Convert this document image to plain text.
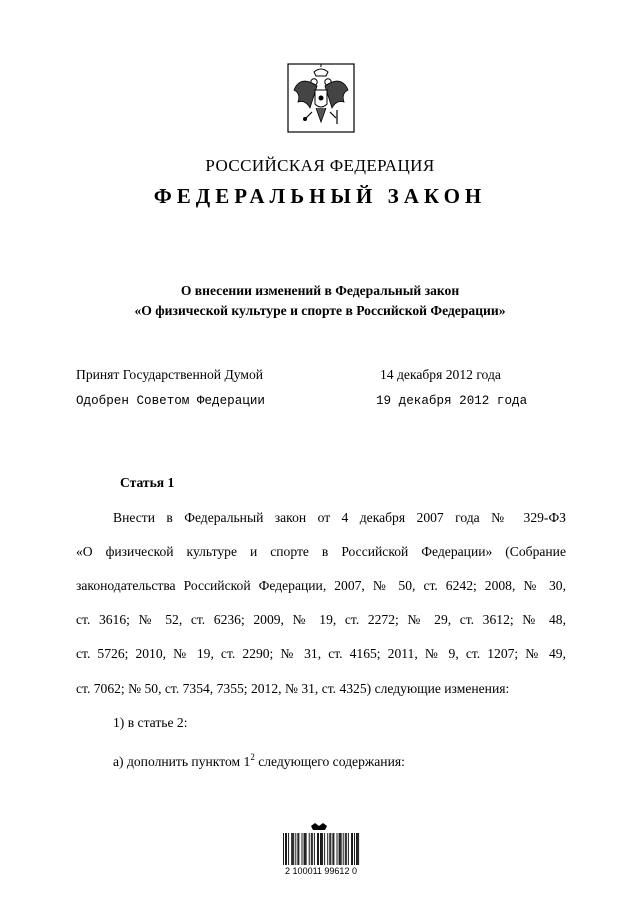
РОССИЙСКАЯ ФЕДЕРАЦИЯ
ФЕДЕРАЛЬНЫЙ ЗАКОН
О внесении изменений в Федеральный закон
«О физической культуре и спорте в Российской Федерации»
Принят Государственной Думой	14 декабря 2012 года
Одобрен Советом Федерации	19 декабря 2012 года
Статья 1
Внести в Федеральный закон от 4 декабря 2007 года № 329-ФЗ
«О физической культуре и спорте в Российской Федерации» (Собрание
законодательства Российской Федерации, 2007, № 50, ст. 6242; 2008, № 30,
ст. 3616; № 52, ст. 6236; 2009, № 19, ст. 2272; № 29, ст. 3612; № 48,
ст. 5726; 2010, № 19, ст. 2290; № 31, ст. 4165; 2011, № 9, ст. 1207; № 49,
ст. 7062; № 50, ст. 7354, 7355; 2012, № 31, ст. 4325) следующие изменения:
1) в статье 2:
а) дополнить пунктом $1^2$ следующего содержания:
2 100011 99612 0
